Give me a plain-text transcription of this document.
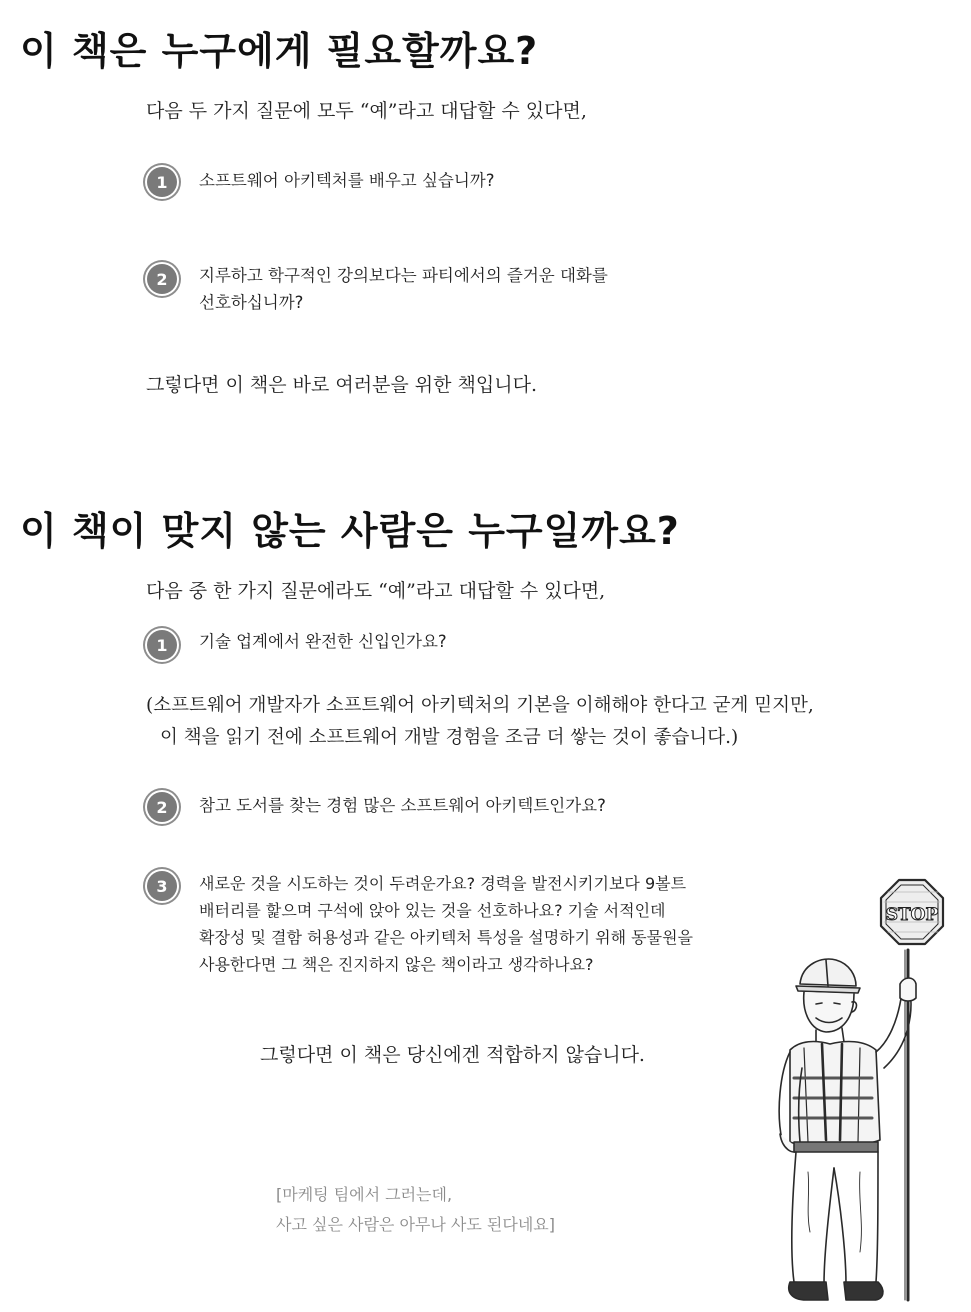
이 책은 누구에게 필요할까요?
다음 두 가지 질문에 모두 “예”라고 대답할 수 있다면,
1	소프트웨어 아키텍처를 배우고 싶습니까?
2	지루하고 학구적인 강의보다는 파티에서의 즐거운 대화를
선호하십니까?
그렇다면 이 책은 바로 여러분을 위한 책입니다.
이 책이 맞지 않는 사람은 누구일까요?
다음 중 한 가지 질문에라도 “예”라고 대답할 수 있다면,
1	기술 업계에서 완전한 신입인가요?
(소프트웨어 개발자가 소프트웨어 아키텍처의 기본을 이해해야 한다고 굳게 믿지만,
이 책을 읽기 전에 소프트웨어 개발 경험을 조금 더 쌓는 것이 좋습니다.)
2	참고 도서를 찾는 경험 많은 소프트웨어 아키텍트인가요?
3	새로운 것을 시도하는 것이 두려운가요? 경력을 발전시키기보다 9볼트
배터리를 핥으며 구석에 앉아 있는 것을 선호하나요? 기술 서적인데
확장성 및 결함 허용성과 같은 아키텍처 특성을 설명하기 위해 동물원을
사용한다면 그 책은 진지하지 않은 책이라고 생각하나요?
그렇다면 이 책은 당신에겐 적합하지 않습니다.
[마케팅 팀에서 그러는데,
사고 싶은 사람은 아무나 사도 된다네요]
STOP
